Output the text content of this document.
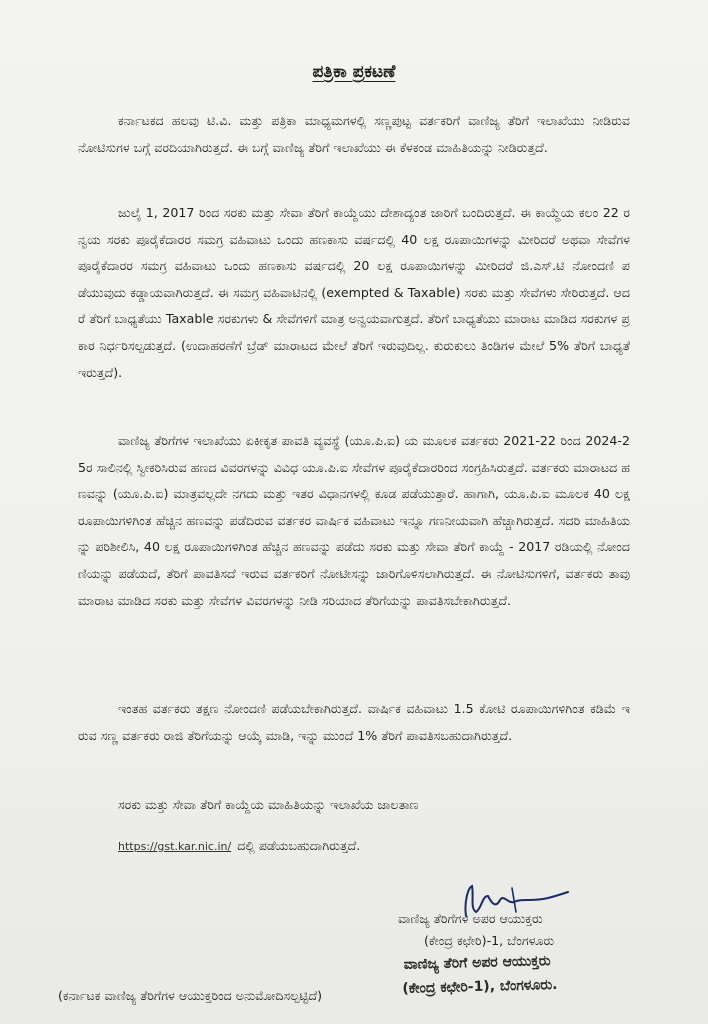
ಪತ್ರಿಕಾ ಪ್ರಕಟಣೆ

ಕರ್ನಾಟಕದ ಹಲವು ಟಿ.ವಿ. ಮತ್ತು ಪತ್ರಿಕಾ ಮಾಧ್ಯಮಗಳಲ್ಲಿ ಸಣ್ಣಪುಟ್ಟ ವರ್ತಕರಿಗೆ ವಾಣಿಜ್ಯ ತೆರಿಗೆ ಇಲಾಖೆಯು ನೀಡಿರುವ ನೋಟಿಸುಗಳ ಬಗ್ಗೆ ವರದಿಯಾಗಿರುತ್ತದೆ. ಈ ಬಗ್ಗೆ ವಾಣಿಜ್ಯ ತೆರಿಗೆ ಇಲಾಖೆಯು ಈ ಕೆಳಕಂಡ ಮಾಹಿತಿಯನ್ನು ನೀಡಿರುತ್ತದೆ.

ಜುಲೈ 1, 2017 ರಿಂದ ಸರಕು ಮತ್ತು ಸೇವಾ ತೆರಿಗೆ ಕಾಯ್ದೆಯು ದೇಶಾದ್ಯಂತ ಜಾರಿಗೆ ಬಂದಿರುತ್ತದೆ. ಈ ಕಾಯ್ದೆಯ ಕಲಂ 22 ರನ್ವಯ ಸರಕು ಪೂರೈಕೆದಾರರ ಸಮಗ್ರ ವಹಿವಾಟು ಒಂದು ಹಣಕಾಸು ವರ್ಷದಲ್ಲಿ 40 ಲಕ್ಷ ರೂಪಾಯಿಗಳನ್ನು ಮೀರಿದರೆ ಅಥವಾ ಸೇವೆಗಳ ಪೂರೈಕೆದಾರರ ಸಮಗ್ರ ವಹಿವಾಟು ಒಂದು ಹಣಕಾಸು ವರ್ಷದಲ್ಲಿ 20 ಲಕ್ಷ ರೂಪಾಯಿಗಳನ್ನು ಮೀರಿದರೆ ಜಿ.ಎಸ್.ಟಿ ನೋಂದಣಿ ಪಡೆಯುವುದು ಕಡ್ಡಾಯವಾಗಿರುತ್ತದೆ. ಈ ಸಮಗ್ರ ವಹಿವಾಟಿನಲ್ಲಿ (exempted & Taxable) ಸರಕು ಮತ್ತು ಸೇವೆಗಳು ಸೇರಿರುತ್ತದೆ. ಆದರೆ ತೆರಿಗೆ ಬಾಧ್ಯತೆಯು Taxable ಸರಕುಗಳು & ಸೇವೆಗಳಿಗೆ ಮಾತ್ರ ಅನ್ವಯವಾಗುತ್ತದೆ. ತೆರಿಗೆ ಬಾಧ್ಯತೆಯು ಮಾರಾಟ ಮಾಡಿದ ಸರಕುಗಳ ಪ್ರಕಾರ ನಿರ್ಧರಿಸಲ್ಪಡುತ್ತದೆ. (ಉದಾಹರಣೆಗೆ ಬ್ರೆಡ್ ಮಾರಾಟದ ಮೇಲೆ ತೆರಿಗೆ ಇರುವುದಿಲ್ಲ. ಕುರುಕುಲು ತಿಂಡಿಗಳ ಮೇಲೆ 5% ತೆರಿಗೆ ಬಾಧ್ಯತೆ ಇರುತ್ತದೆ).

ವಾಣಿಜ್ಯ ತೆರಿಗೆಗಳ ಇಲಾಖೆಯು ಏಕೀಕೃತ ಪಾವತಿ ವ್ಯವಸ್ಥೆ (ಯೂ.ಪಿ.ಐ) ಯ ಮೂಲಕ ವರ್ತಕರು 2021-22 ರಿಂದ 2024-25ರ ಸಾಲಿನಲ್ಲಿ ಸ್ವೀಕರಿಸಿರುವ ಹಣದ ವಿವರಗಳನ್ನು ವಿವಿಧ ಯೂ.ಪಿ.ಐ ಸೇವೆಗಳ ಪೂರೈಕೆದಾರರಿಂದ ಸಂಗ್ರಹಿಸಿರುತ್ತದೆ. ವರ್ತಕರು ಮಾರಾಟದ ಹಣವನ್ನು (ಯೂ.ಪಿ.ಐ) ಮಾತ್ರವಲ್ಲದೇ ನಗದು ಮತ್ತು ಇತರ ವಿಧಾನಗಳಲ್ಲಿ ಕೂಡ ಪಡೆಯುತ್ತಾರೆ. ಹಾಗಾಗಿ, ಯೂ.ಪಿ.ಐ ಮೂಲಕ 40 ಲಕ್ಷ ರೂಪಾಯಿಗಳಿಗಿಂತ ಹೆಚ್ಚಿನ ಹಣವನ್ನು ಪಡೆದಿರುವ ವರ್ತಕರ ವಾರ್ಷಿಕ ವಹಿವಾಟು ಇನ್ನೂ ಗಣನೀಯವಾಗಿ ಹೆಚ್ಚಾಗಿರುತ್ತದೆ. ಸದರಿ ಮಾಹಿತಿಯನ್ನು ಪರಿಶೀಲಿಸಿ, 40 ಲಕ್ಷ ರೂಪಾಯಿಗಳಿಗಿಂತ ಹೆಚ್ಚಿನ ಹಣವನ್ನು ಪಡೆದು ಸರಕು ಮತ್ತು ಸೇವಾ ತೆರಿಗೆ ಕಾಯ್ದೆ - 2017 ರಡಿಯಲ್ಲಿ ನೋಂದಣಿಯನ್ನು ಪಡೆಯದೆ, ತೆರಿಗೆ ಪಾವತಿಸದೆ ಇರುವ ವರ್ತಕರಿಗೆ ನೋಟೀಸನ್ನು ಜಾರಿಗೊಳಿಸಲಾಗಿರುತ್ತದೆ. ಈ ನೋಟಿಸುಗಳಿಗೆ, ವರ್ತಕರು ತಾವು ಮಾರಾಟ ಮಾಡಿದ ಸರಕು ಮತ್ತು ಸೇವೆಗಳ ವಿವರಗಳನ್ನು ನೀಡಿ ಸರಿಯಾದ ತೆರಿಗೆಯನ್ನು ಪಾವತಿಸಬೇಕಾಗಿರುತ್ತದೆ.

ಇಂತಹ ವರ್ತಕರು ತಕ್ಷಣ ನೋಂದಣಿ ಪಡೆಯಬೇಕಾಗಿರುತ್ತದೆ. ವಾರ್ಷಿಕ ವಹಿವಾಟು 1.5 ಕೋಟಿ ರೂಪಾಯಿಗಳಿಗಿಂತ ಕಡಿಮೆ ಇರುವ ಸಣ್ಣ ವರ್ತಕರು ರಾಜಿ ತೆರಿಗೆಯನ್ನು ಆಯ್ಕೆ ಮಾಡಿ, ಇನ್ನು ಮುಂದೆ 1% ತೆರಿಗೆ ಪಾವತಿಸಬಹುದಾಗಿರುತ್ತದೆ.

ಸರಕು ಮತ್ತು ಸೇವಾ ತೆರಿಗೆ ಕಾಯ್ದೆಯ ಮಾಹಿತಿಯನ್ನು ಇಲಾಖೆಯ ಜಾಲತಾಣ

https://gst.kar.nic.in/ ದಲ್ಲಿ ಪಡೆಯಬಹುದಾಗಿರುತ್ತದೆ.
ವಾಣಿಜ್ಯ ತೆರಿಗೆಗಳ ಅಪರ ಆಯುಕ್ತರು
(ಕೇಂದ್ರ ಕಛೇರಿ)-1, ಬೆಂಗಳೂರು
ವಾಣಿಜ್ಯ ತೆರಿಗೆ ಅಪರ ಆಯುಕ್ತರು
(ಕೇಂದ್ರ ಕಛೇರಿ-1), ಬೆಂಗಳೂರು.
(ಕರ್ನಾಟಕ ವಾಣಿಜ್ಯ ತೆರಿಗೆಗಳ ಆಯುಕ್ತರಿಂದ ಅನುಮೋದಿಸಲ್ಪಟ್ಟಿದೆ)
